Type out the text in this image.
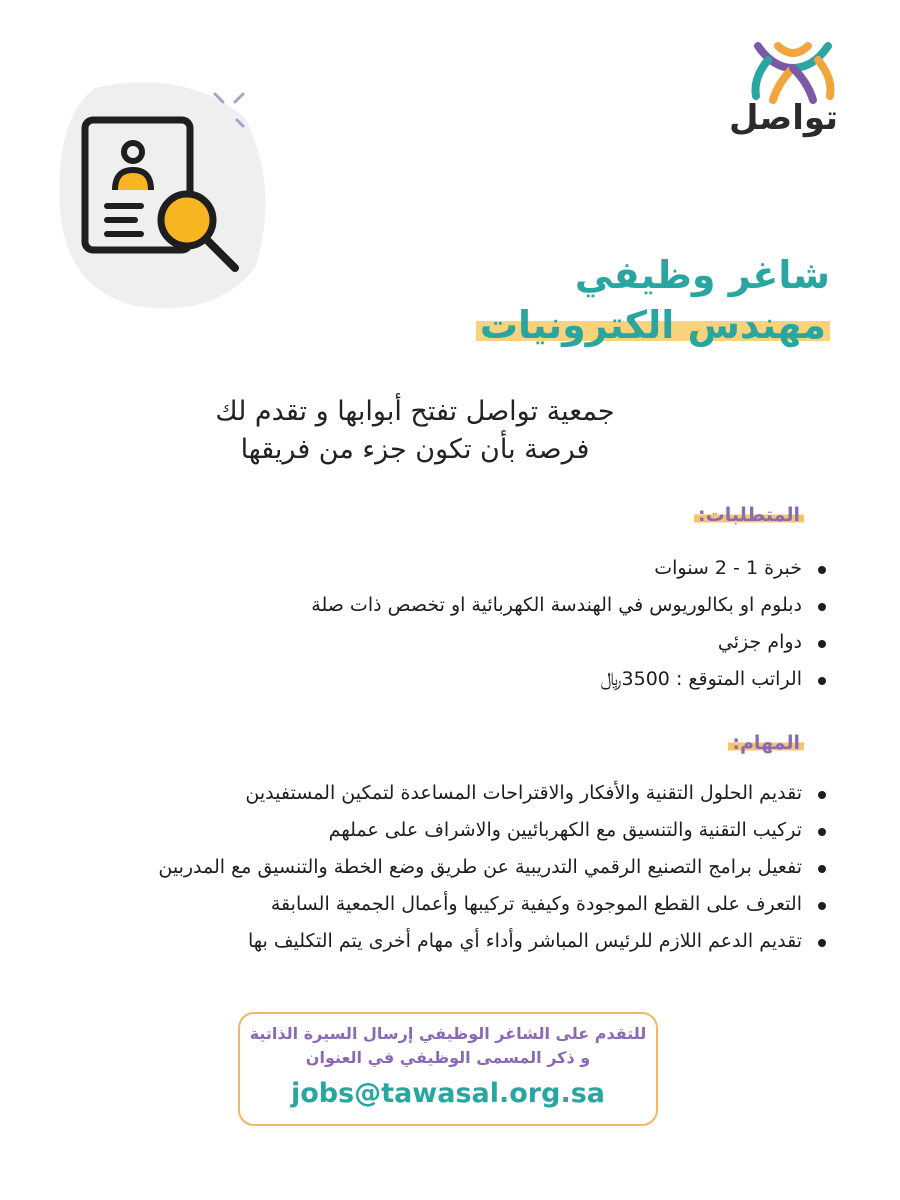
تواصل
شاغر وظيفي
مهندس الكترونيات
جمعية تواصل تفتح أبوابها و تقدم لك
فرصة بأن تكون جزء من فريقها
المتطلبات:
خبرة 1 - 2 سنوات
دبلوم او بكالوريوس في الهندسة الكهربائية او تخصص ذات صلة
دوام جزئي
الراتب المتوقع : 3500﷼
المهام:
تقديم الحلول التقنية والأفكار والاقتراحات المساعدة لتمكين المستفيدين
تركيب التقنية والتنسيق مع الكهربائيين والاشراف على عملهم
تفعيل برامج التصنيع الرقمي التدريبية عن طريق وضع الخطة والتنسيق مع المدربين
التعرف على القطع الموجودة وكيفية تركيبها وأعمال الجمعية السابقة
تقديم الدعم اللازم للرئيس المباشر وأداء أي مهام أخرى يتم التكليف بها
للتقدم على الشاغر الوظيفي إرسال السيرة الذاتية
و ذكر المسمى الوظيفي في العنوان
jobs@tawasal.org.sa
